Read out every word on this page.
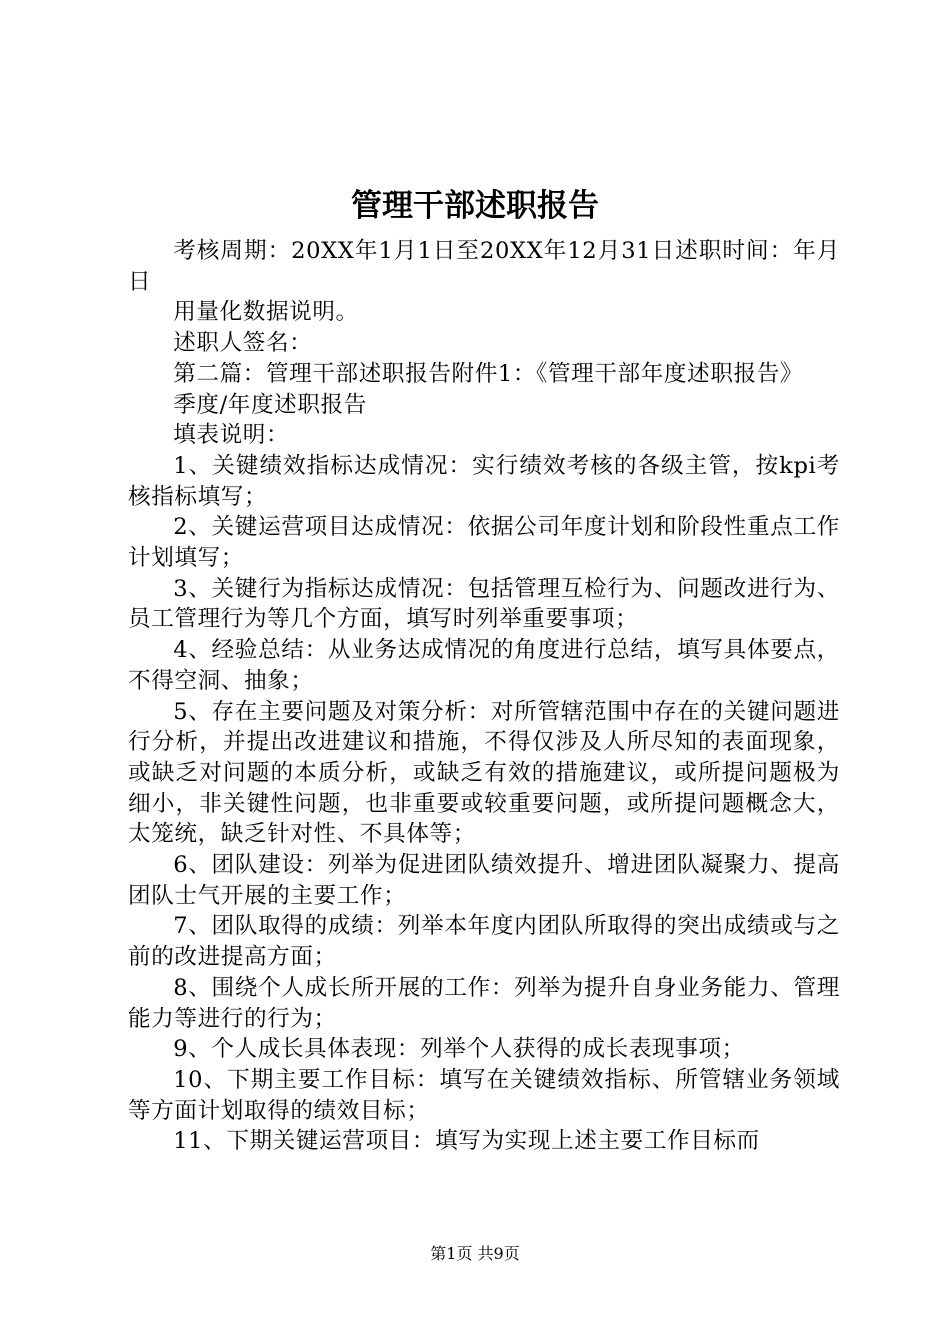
管理干部述职报告

考核周期：20XX年1月1日至20XX年12月31日述职时间：年月日

用量化数据说明。

述职人签名：

第二篇：管理干部述职报告附件1：《管理干部年度述职报告》

季度/年度述职报告

填表说明：

1、关键绩效指标达成情况：实行绩效考核的各级主管，按kpi考核指标填写；

2、关键运营项目达成情况：依据公司年度计划和阶段性重点工作计划填写；

3、关键行为指标达成情况：包括管理互检行为、问题改进行为、员工管理行为等几个方面，填写时列举重要事项；

4、经验总结：从业务达成情况的角度进行总结，填写具体要点，不得空洞、抽象；

5、存在主要问题及对策分析：对所管辖范围中存在的关键问题进行分析，并提出改进建议和措施，不得仅涉及人所尽知的表面现象，或缺乏对问题的本质分析，或缺乏有效的措施建议，或所提问题极为细小，非关键性问题，也非重要或较重要问题，或所提问题概念大，太笼统，缺乏针对性、不具体等；

6、团队建设：列举为促进团队绩效提升、增进团队凝聚力、提高团队士气开展的主要工作；

7、团队取得的成绩：列举本年度内团队所取得的突出成绩或与之前的改进提高方面；

8、围绕个人成长所开展的工作：列举为提升自身业务能力、管理能力等进行的行为；

9、个人成长具体表现：列举个人获得的成长表现事项；

10、下期主要工作目标：填写在关键绩效指标、所管辖业务领域等方面计划取得的绩效目标；

11、下期关键运营项目：填写为实现上述主要工作目标而

第1页 共9页
